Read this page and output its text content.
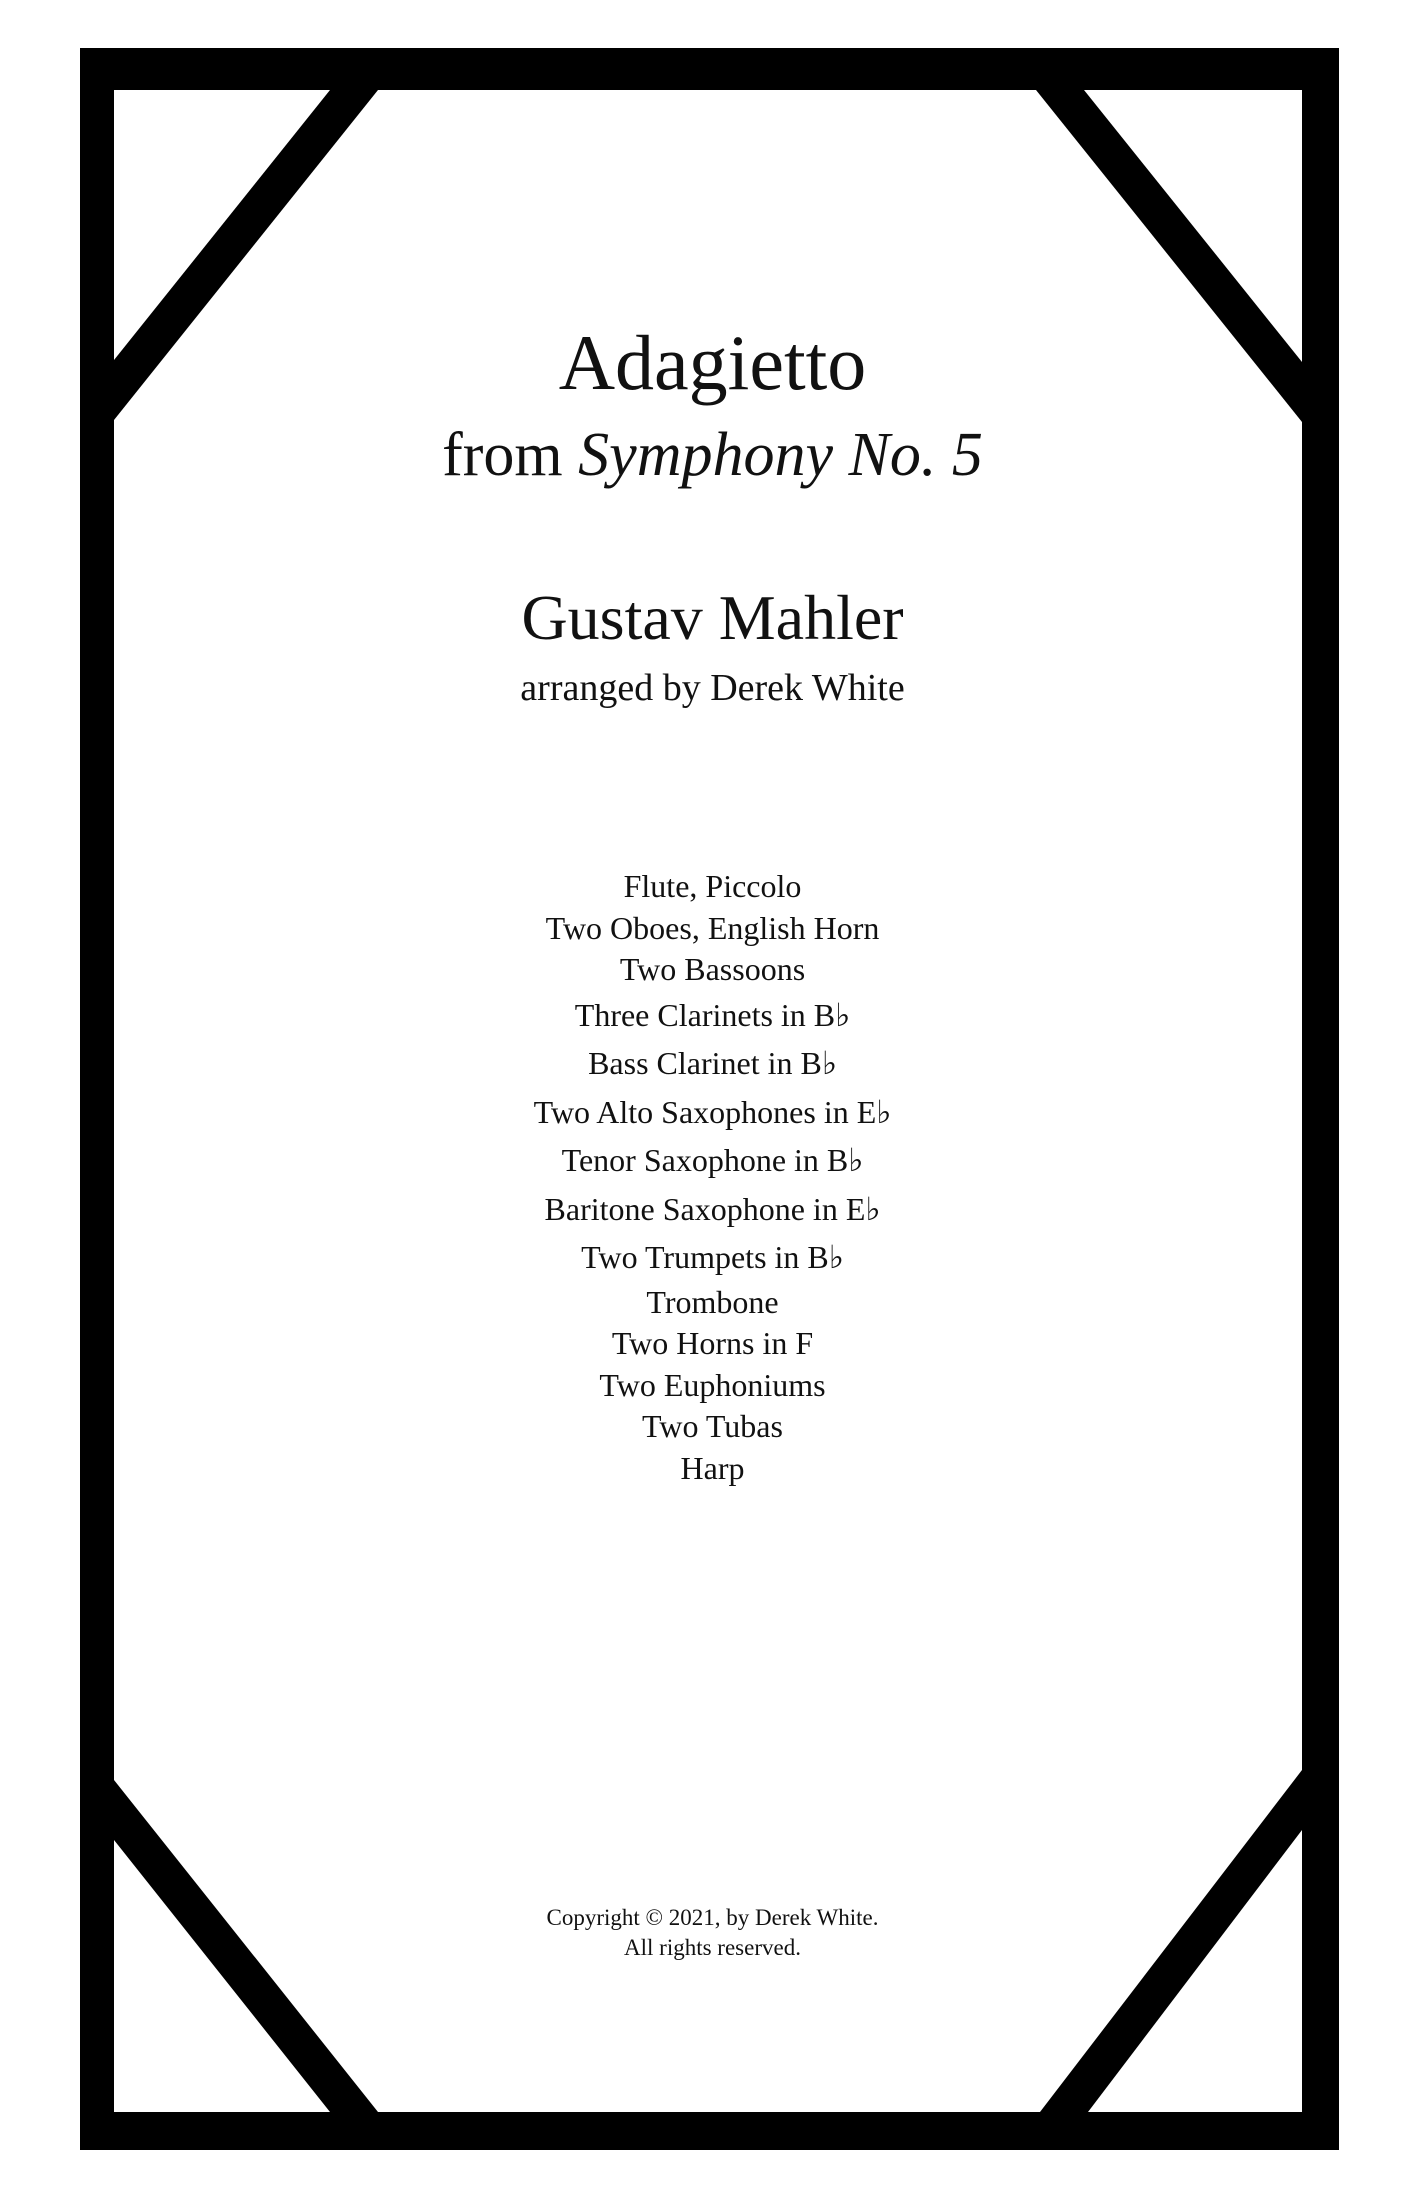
Adagietto
from Symphony No. 5
Gustav Mahler
arranged by Derek White
Flute, Piccolo
Two Oboes, English Horn
Two Bassoons
Three Clarinets in B♭
Bass Clarinet in B♭
Two Alto Saxophones in E♭
Tenor Saxophone in B♭
Baritone Saxophone in E♭
Two Trumpets in B♭
Trombone
Two Horns in F
Two Euphoniums
Two Tubas
Harp
Copyright © 2021, by Derek White.
All rights reserved.
